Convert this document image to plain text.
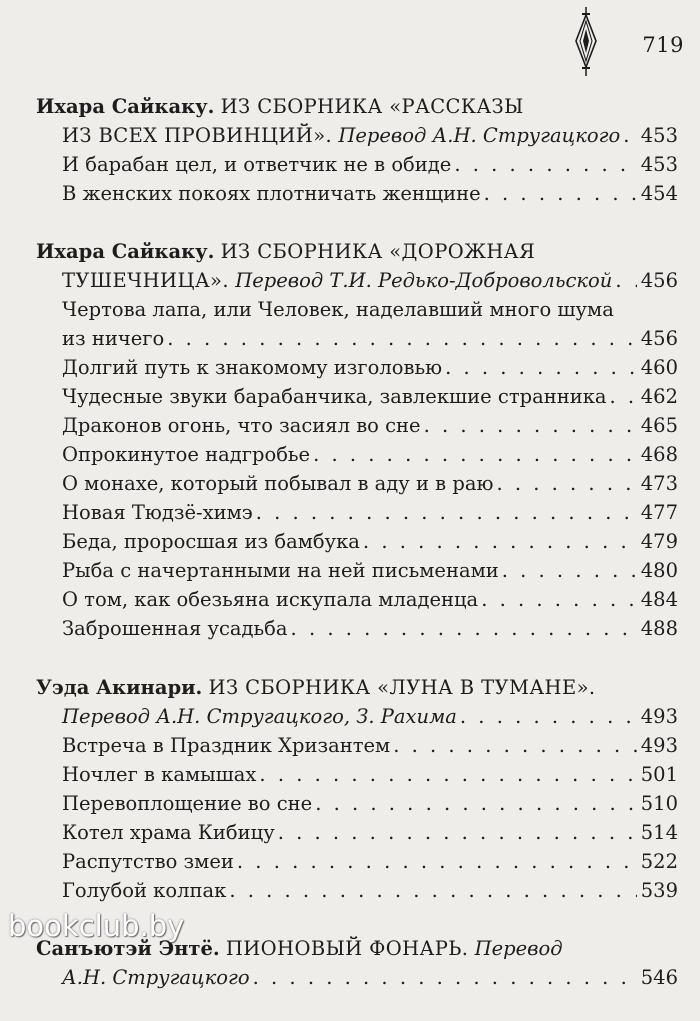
719
Ихара Сайкаку. ИЗ СБОРНИКА «РАССКАЗЫ
ИЗ ВСЕХ ПРОВИНЦИЙ». Перевод А.Н. Стругацкого . . . 453
И барабан цел, и ответчик не в обиде . . .	453
В женских покоях плотничать женщине . . .	454
Ихара Сайкаку. ИЗ СБОРНИКА «ДОРОЖНАЯ
ТУШЕЧНИЦА». Перевод Т.И. Редько-Добровольской . . . 456
Чертова лапа, или Человек, наделавший много шума
из ничего . . .	456
Долгий путь к знакомому изголовью . . .	460
Чудесные звуки барабанчика, завлекшие странника . . . 462
Драконов огонь, что засиял во сне . . .	465
Опрокинутое надгробье . . .	468
О монахе, который побывал в аду и в раю . . .	473
Новая Тюдзё-химэ . . .	477
Беда, проросшая из бамбука . . .	479
Рыба с начертанными на ней письменами . . .	480
О том, как обезьяна искупала младенца . . .	484
Заброшенная усадьба . . .	488
Уэда Акинари. ИЗ СБОРНИКА «ЛУНА В ТУМАНЕ».
Перевод А.Н. Стругацкого, З. Рахима . . .	493
Встреча в Праздник Хризантем . . .	493
Ночлег в камышах . . .	501
Перевоплощение во сне . . .	510
Котел храма Кибицу . . .	514
Распутство змеи . . .	522
Голубой колпак . . .	539
Санъютэй Энтё. ПИОНОВЫЙ ФОНАРЬ. Перевод
А.Н. Стругацкого . . .	546
bookclub.by
